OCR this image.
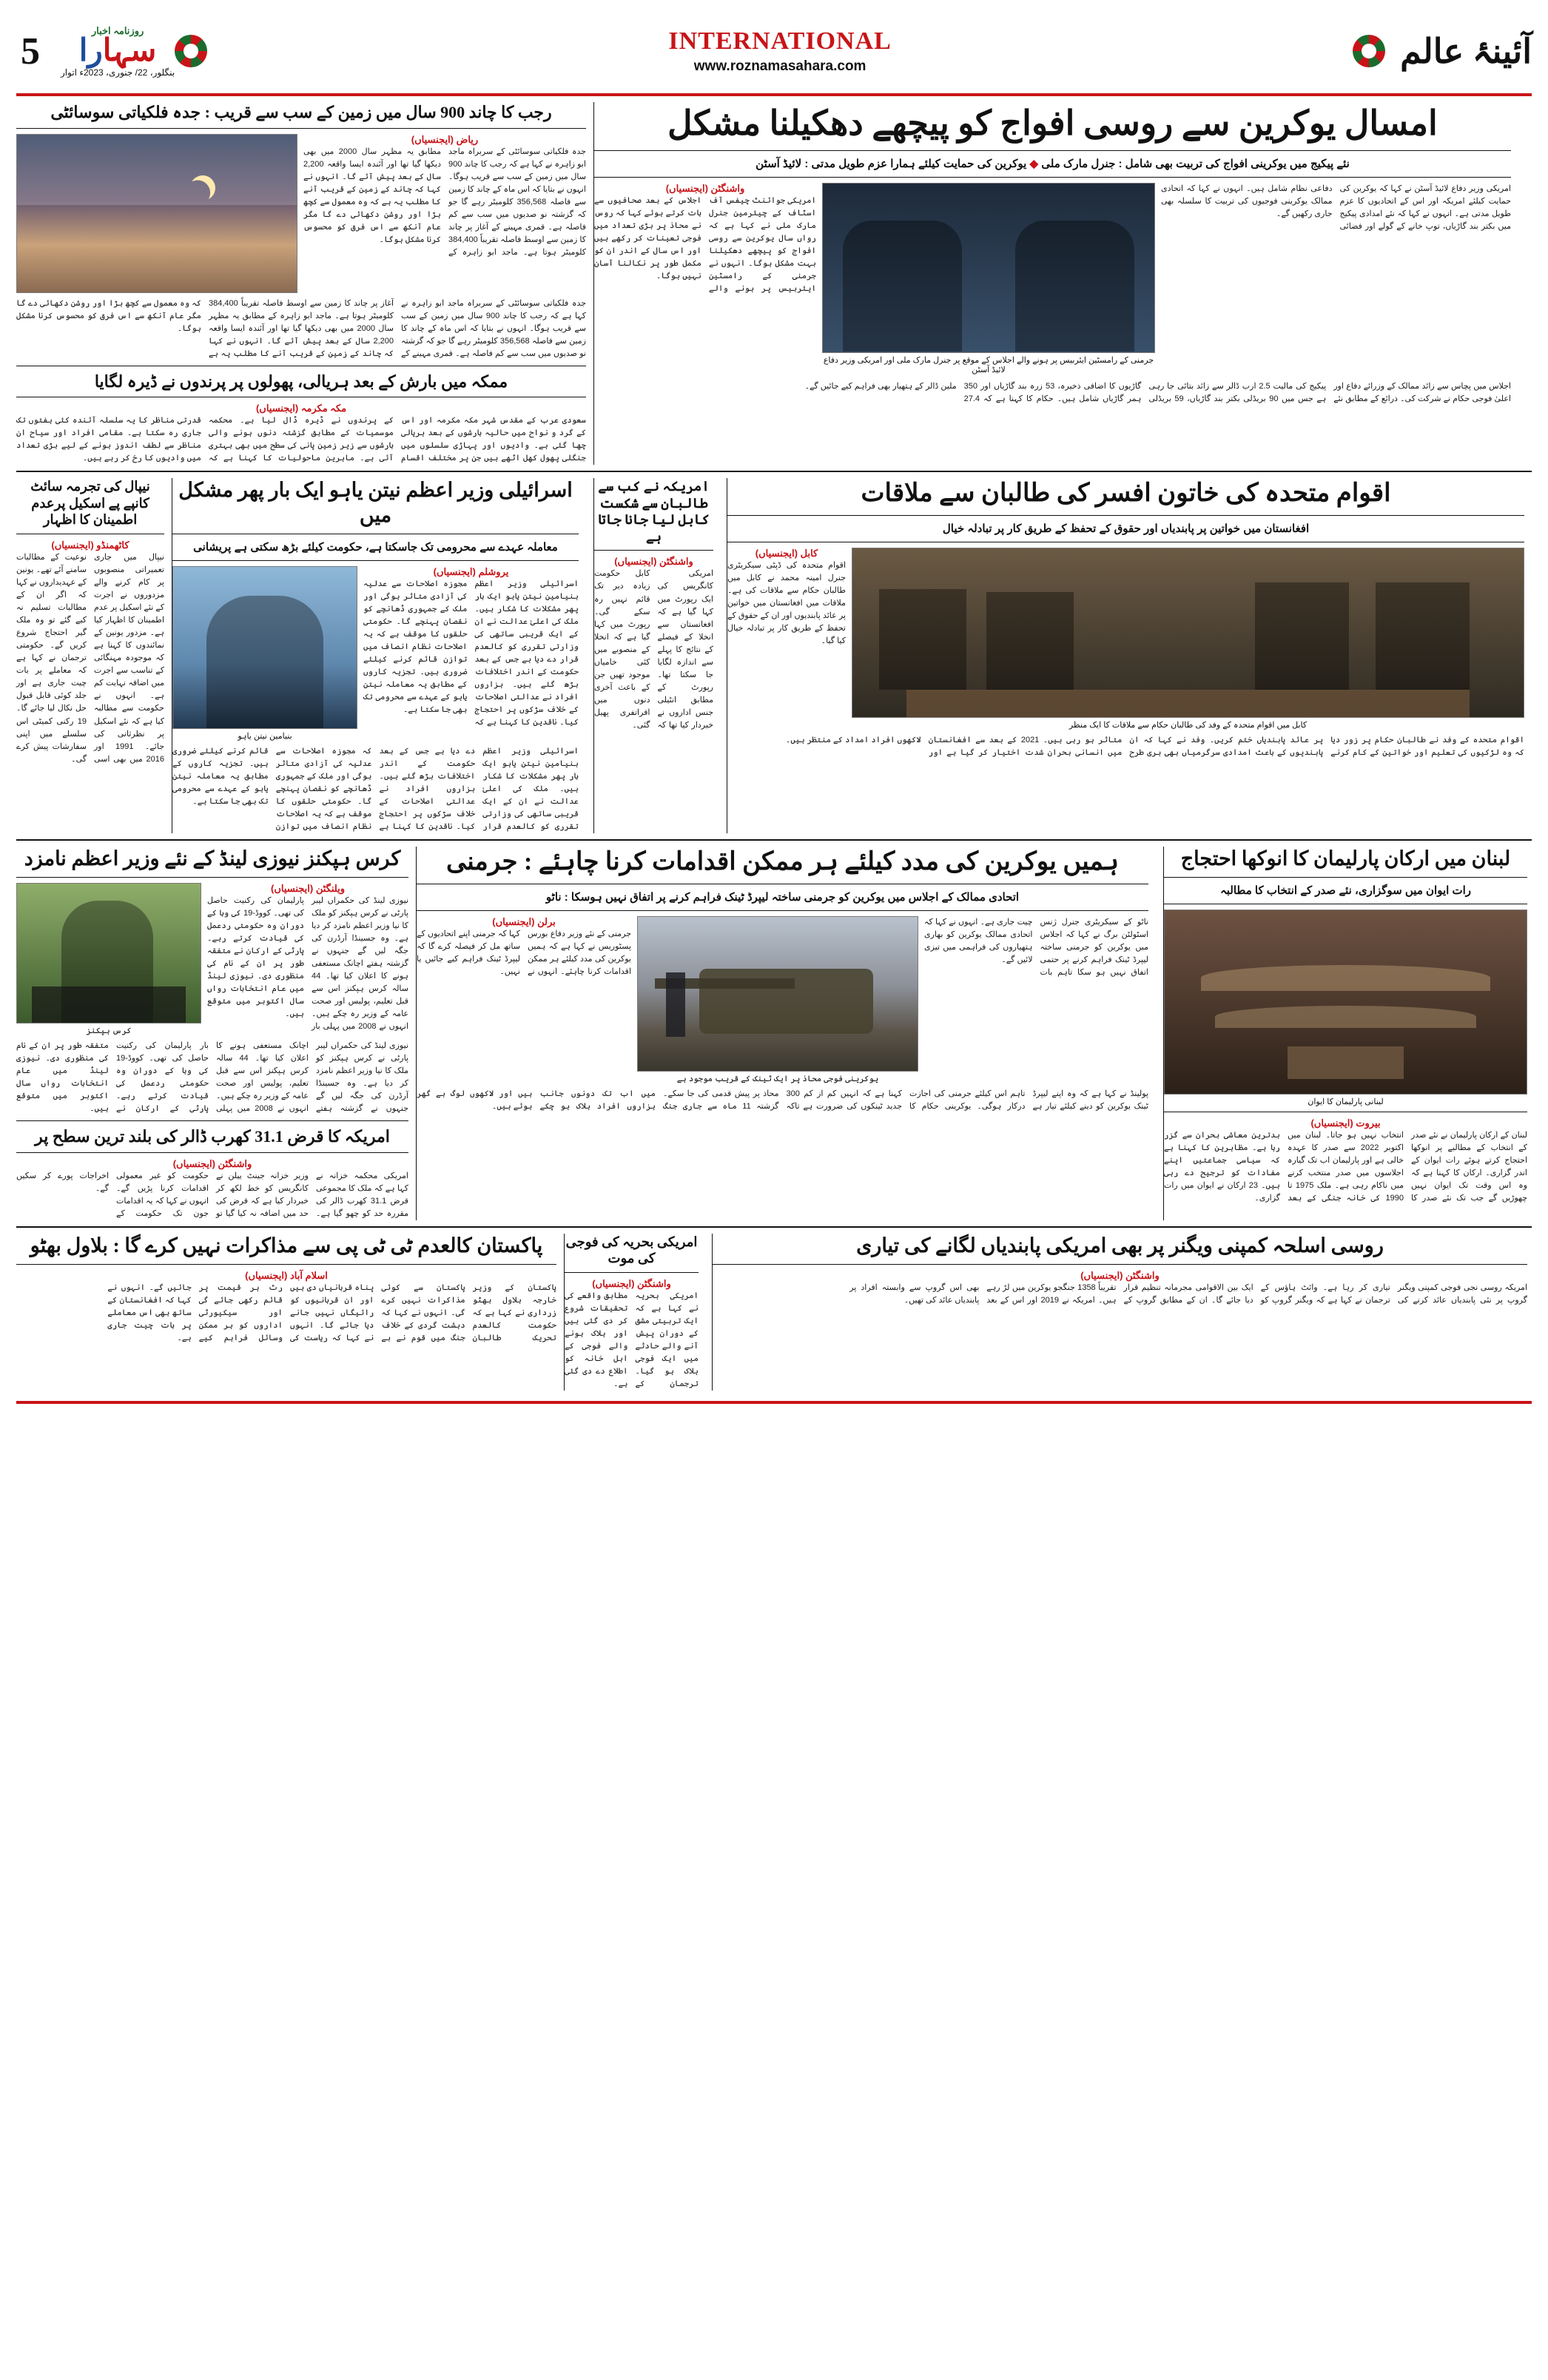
5	روزنامہ اخبار
سہارا
بنگلور، 22/ جنوری، 2023ء اتوار
INTERNATIONAL
www.roznamasahara.com	آئینۂ عالم
رجب کا چاند 900 سال میں زمین کے سب سے قریب : جدہ فلکیاتی سوسائٹی
ریاض (ایجنسیاں)
جدہ فلکیاتی سوسائٹی کے سربراہ ماجد ابو زاہرہ نے کہا ہے کہ رجب کا چاند 900 سال میں زمین کے سب سے قریب ہوگا۔ انہوں نے بتایا کہ اس ماہ کے چاند کا زمین سے فاصلہ 356,568 کلومیٹر رہے گا جو کہ گزشتہ نو صدیوں میں سب سے کم فاصلہ ہے۔ قمری مہینے کے آغاز پر چاند کا زمین سے اوسط فاصلہ تقریباً 384,400 کلومیٹر ہوتا ہے۔ ماجد ابو زاہرہ کے مطابق یہ مظہر سال 2000 میں بھی دیکھا گیا تھا اور آئندہ ایسا واقعہ 2,200 سال کے بعد پیش آئے گا۔ انہوں نے کہا کہ چاند کے زمین کے قریب آنے کا مطلب یہ ہے کہ وہ معمول سے کچھ بڑا اور روشن دکھائی دے گا مگر عام آنکھ سے اس فرق کو محسوس کرنا مشکل ہوگا۔
جدہ فلکیاتی سوسائٹی کے سربراہ ماجد ابو زاہرہ نے کہا ہے کہ رجب کا چاند 900 سال میں زمین کے سب سے قریب ہوگا۔ انہوں نے بتایا کہ اس ماہ کے چاند کا زمین سے فاصلہ 356,568 کلومیٹر رہے گا جو کہ گزشتہ نو صدیوں میں سب سے کم فاصلہ ہے۔ قمری مہینے کے آغاز پر چاند کا زمین سے اوسط فاصلہ تقریباً 384,400 کلومیٹر ہوتا ہے۔ ماجد ابو زاہرہ کے مطابق یہ مظہر سال 2000 میں بھی دیکھا گیا تھا اور آئندہ ایسا واقعہ 2,200 سال کے بعد پیش آئے گا۔ انہوں نے کہا کہ چاند کے زمین کے قریب آنے کا مطلب یہ ہے کہ وہ معمول سے کچھ بڑا اور روشن دکھائی دے گا مگر عام آنکھ سے اس فرق کو محسوس کرنا مشکل ہوگا۔
ممکہ میں بارش کے بعد ہریالی، پھولوں پر پرندوں نے ڈیرہ لگایا
مکہ مکرمہ (ایجنسیاں)
سعودی عرب کے مقدس شہر مکہ مکرمہ اور اس کے گرد و نواح میں حالیہ بارشوں کے بعد ہریالی چھا گئی ہے۔ وادیوں اور پہاڑی سلسلوں میں جنگلی پھول کھل اٹھے ہیں جن پر مختلف اقسام کے پرندوں نے ڈیرہ ڈال لیا ہے۔ محکمہ موسمیات کے مطابق گزشتہ دنوں ہونے والی بارشوں سے زیر زمین پانی کی سطح میں بھی بہتری آئی ہے۔ ماہرین ماحولیات کا کہنا ہے کہ قدرتی مناظر کا یہ سلسلہ آئندہ کئی ہفتوں تک جاری رہ سکتا ہے۔ مقامی افراد اور سیاح ان مناظر سے لطف اندوز ہونے کے لیے بڑی تعداد میں وادیوں کا رخ کر رہے ہیں۔
امسال یوکرین سے روسی افواج کو پیچھے دھکیلنا مشکل
نئے پیکیج میں یوکرینی افواج کی تربیت بھی شامل : جنرل مارک ملی ◆ یوکرین کی حمایت کیلئے ہمارا عزم طویل مدتی : لائیڈ آسٹن
واشنگٹن (ایجنسیاں)
امریکی جوائنٹ چیفس آف اسٹاف کے چیئرمین جنرل مارک ملی نے کہا ہے کہ رواں سال یوکرین سے روسی افواج کو پیچھے دھکیلنا بہت مشکل ہوگا۔ انہوں نے جرمنی کے رامسٹین ایئربیس پر ہونے والے اجلاس کے بعد صحافیوں سے بات کرتے ہوئے کہا کہ روس نے محاذ پر بڑی تعداد میں فوجی تعینات کر رکھے ہیں اور اس سال کے اندر ان کو مکمل طور پر نکالنا آسان نہیں ہوگا۔
جرمنی کے رامسٹین ایئربیس پر ہونے والے اجلاس کے موقع پر جنرل مارک ملی اور امریکی وزیر دفاع لائیڈ آسٹن
امریکی وزیر دفاع لائیڈ آسٹن نے کہا کہ یوکرین کی حمایت کیلئے امریکہ اور اس کے اتحادیوں کا عزم طویل مدتی ہے۔ انہوں نے کہا کہ نئے امدادی پیکیج میں بکتر بند گاڑیاں، توپ خانے کے گولے اور فضائی دفاعی نظام شامل ہیں۔ انہوں نے کہا کہ اتحادی ممالک یوکرینی فوجیوں کی تربیت کا سلسلہ بھی جاری رکھیں گے۔
اجلاس میں پچاس سے زائد ممالک کے وزرائے دفاع اور اعلیٰ فوجی حکام نے شرکت کی۔ ذرائع کے مطابق نئے پیکیج کی مالیت 2.5 ارب ڈالر سے زائد بتائی جا رہی ہے جس میں 90 بریڈلی بکتر بند گاڑیاں، 59 بریڈلی گاڑیوں کا اضافی ذخیرہ، 53 زرہ بند گاڑیاں اور 350 ہمر گاڑیاں شامل ہیں۔ حکام کا کہنا ہے کہ 27.4 ملین ڈالر کے ہتھیار بھی فراہم کیے جائیں گے۔
نیپال کی تجرمہ سائٹ کانپے پے اسکیل پرعدم اطمینان کا اظہار
کاٹھمنڈو (ایجنسیاں)
نیپال میں جاری تعمیراتی منصوبوں پر کام کرنے والے مزدوروں نے اجرت کے نئے اسکیل پر عدم اطمینان کا اظہار کیا ہے۔ مزدور یونین کے نمائندوں کا کہنا ہے کہ موجودہ مہنگائی کے تناسب سے اجرت میں اضافہ نہایت کم ہے۔ انہوں نے حکومت سے مطالبہ کیا ہے کہ نئے اسکیل پر نظرثانی کی جائے۔ 1991 اور 2016 میں بھی اسی نوعیت کے مطالبات سامنے آئے تھے۔ یونین کے عہدیداروں نے کہا کہ اگر ان کے مطالبات تسلیم نہ کیے گئے تو وہ ملک گیر احتجاج شروع کریں گے۔ حکومتی ترجمان نے کہا ہے کہ معاملے پر بات چیت جاری ہے اور جلد کوئی قابل قبول حل نکال لیا جائے گا۔ 19 رکنی کمیٹی اس سلسلے میں اپنی سفارشات پیش کرے گی۔
اسرائیلی وزیر اعظم نیتن یاہو ایک بار پھر مشکل میں
معاملہ عہدے سے محرومی تک جاسکتا ہے، حکومت کیلئے بڑھ سکتی ہے پریشانی
بنیامین نیتن یاہو
یروشلم (ایجنسیاں)
اسرائیلی وزیر اعظم بنیامین نیتن یاہو ایک بار پھر مشکلات کا شکار ہیں۔ ملک کی اعلیٰ عدالت نے ان کے ایک قریبی ساتھی کی وزارتی تقرری کو کالعدم قرار دے دیا ہے جس کے بعد حکومت کے اندر اختلافات بڑھ گئے ہیں۔ ہزاروں افراد نے عدالتی اصلاحات کے خلاف سڑکوں پر احتجاج کیا۔ ناقدین کا کہنا ہے کہ مجوزہ اصلاحات سے عدلیہ کی آزادی متاثر ہوگی اور ملک کے جمہوری ڈھانچے کو نقصان پہنچے گا۔ حکومتی حلقوں کا موقف ہے کہ یہ اصلاحات نظام انصاف میں توازن قائم کرنے کیلئے ضروری ہیں۔ تجزیہ کاروں کے مطابق یہ معاملہ نیتن یاہو کے عہدے سے محرومی تک بھی جا سکتا ہے۔
اسرائیلی وزیر اعظم بنیامین نیتن یاہو ایک بار پھر مشکلات کا شکار ہیں۔ ملک کی اعلیٰ عدالت نے ان کے ایک قریبی ساتھی کی وزارتی تقرری کو کالعدم قرار دے دیا ہے جس کے بعد حکومت کے اندر اختلافات بڑھ گئے ہیں۔ ہزاروں افراد نے عدالتی اصلاحات کے خلاف سڑکوں پر احتجاج کیا۔ ناقدین کا کہنا ہے کہ مجوزہ اصلاحات سے عدلیہ کی آزادی متاثر ہوگی اور ملک کے جمہوری ڈھانچے کو نقصان پہنچے گا۔ حکومتی حلقوں کا موقف ہے کہ یہ اصلاحات نظام انصاف میں توازن قائم کرنے کیلئے ضروری ہیں۔ تجزیہ کاروں کے مطابق یہ معاملہ نیتن یاہو کے عہدے سے محرومی تک بھی جا سکتا ہے۔
امریکہ نے کب سے طالبان سے شکست کابل لیا جانا جاتا ہے
واشنگٹن (ایجنسیاں)
امریکی کانگریس کی ایک رپورٹ میں کہا گیا ہے کہ افغانستان سے انخلا کے فیصلے کے نتائج کا پہلے سے اندازہ لگایا جا سکتا تھا۔ رپورٹ کے مطابق انٹیلی جنس اداروں نے خبردار کیا تھا کہ کابل حکومت زیادہ دیر تک قائم نہیں رہ سکے گی۔ رپورٹ میں کہا گیا ہے کہ انخلا کے منصوبے میں کئی خامیاں موجود تھیں جن کے باعث آخری دنوں میں افراتفری پھیل گئی۔
اقوام متحدہ کی خاتون افسر کی طالبان سے ملاقات
افغانستان میں خواتین پر پابندیاں اور حقوق کے تحفظ کے طریق کار پر تبادلہ خیال
کابل (ایجنسیاں)
اقوام متحدہ کی ڈپٹی سیکریٹری جنرل امینہ محمد نے کابل میں طالبان حکام سے ملاقات کی ہے۔ ملاقات میں افغانستان میں خواتین پر عائد پابندیوں اور ان کے حقوق کے تحفظ کے طریق کار پر تبادلہ خیال کیا گیا۔
کابل میں اقوام متحدہ کے وفد کی طالبان حکام سے ملاقات کا ایک منظر
اقوام متحدہ کے وفد نے طالبان حکام پر زور دیا کہ وہ لڑکیوں کی تعلیم اور خواتین کے کام کرنے پر عائد پابندیاں ختم کریں۔ وفد نے کہا کہ ان پابندیوں کے باعث امدادی سرگرمیاں بھی بری طرح متاثر ہو رہی ہیں۔ 2021 کے بعد سے افغانستان میں انسانی بحران شدت اختیار کر گیا ہے اور لاکھوں افراد امداد کے منتظر ہیں۔
کرس ہپکنز نیوزی لینڈ کے نئے وزیر اعظم نامزد
کرس ہپکنز
ویلنگٹن (ایجنسیاں)
نیوزی لینڈ کی حکمراں لیبر پارٹی نے کرس ہپکنز کو ملک کا نیا وزیر اعظم نامزد کر دیا ہے۔ وہ جسینڈا آرڈرن کی جگہ لیں گے جنہوں نے گزشتہ ہفتے اچانک مستعفی ہونے کا اعلان کیا تھا۔ 44 سالہ کرس ہپکنز اس سے قبل تعلیم، پولیس اور صحت عامہ کے وزیر رہ چکے ہیں۔ انہوں نے 2008 میں پہلی بار پارلیمان کی رکنیت حاصل کی تھی۔ کووڈ-19 کی وبا کے دوران وہ حکومتی ردعمل کی قیادت کرتے رہے۔ پارٹی کے ارکان نے متفقہ طور پر ان کے نام کی منظوری دی۔ نیوزی لینڈ میں عام انتخابات رواں سال اکتوبر میں متوقع ہیں۔
نیوزی لینڈ کی حکمراں لیبر پارٹی نے کرس ہپکنز کو ملک کا نیا وزیر اعظم نامزد کر دیا ہے۔ وہ جسینڈا آرڈرن کی جگہ لیں گے جنہوں نے گزشتہ ہفتے اچانک مستعفی ہونے کا اعلان کیا تھا۔ 44 سالہ کرس ہپکنز اس سے قبل تعلیم، پولیس اور صحت عامہ کے وزیر رہ چکے ہیں۔ انہوں نے 2008 میں پہلی بار پارلیمان کی رکنیت حاصل کی تھی۔ کووڈ-19 کی وبا کے دوران وہ حکومتی ردعمل کی قیادت کرتے رہے۔ پارٹی کے ارکان نے متفقہ طور پر ان کے نام کی منظوری دی۔ نیوزی لینڈ میں عام انتخابات رواں سال اکتوبر میں متوقع ہیں۔
امریکہ کا قرض 31.1 کھرب ڈالر کی بلند ترین سطح پر
واشنگٹن (ایجنسیاں)
امریکی محکمہ خزانہ نے کہا ہے کہ ملک کا مجموعی قرض 31.1 کھرب ڈالر کی مقررہ حد کو چھو گیا ہے۔ وزیر خزانہ جینٹ ییلن نے کانگریس کو خط لکھ کر خبردار کیا ہے کہ قرض کی حد میں اضافہ نہ کیا گیا تو حکومت کو غیر معمولی اقدامات کرنا پڑیں گے۔ انہوں نے کہا کہ یہ اقدامات جون تک حکومت کے اخراجات پورے کر سکیں گے۔
ہمیں یوکرین کی مدد کیلئے ہر ممکن اقدامات کرنا چاہئے : جرمنی
اتحادی ممالک کے اجلاس میں یوکرین کو جرمنی ساختہ لیپرڈ ٹینک فراہم کرنے پر اتفاق نہیں ہوسکا : ناٹو
برلن (ایجنسیاں)
جرمنی کے نئے وزیر دفاع بورس پسٹوریس نے کہا ہے کہ ہمیں یوکرین کی مدد کیلئے ہر ممکن اقدامات کرنا چاہئے۔ انہوں نے کہا کہ جرمنی اپنے اتحادیوں کے ساتھ مل کر فیصلہ کرے گا کہ لیپرڈ ٹینک فراہم کیے جائیں یا نہیں۔
یوکرینی فوجی محاذ پر ایک ٹینک کے قریب موجود ہے
ناٹو کے سیکریٹری جنرل ژنس اسٹولٹن برگ نے کہا کہ اجلاس میں یوکرین کو جرمنی ساختہ لیپرڈ ٹینک فراہم کرنے پر حتمی اتفاق نہیں ہو سکا تاہم بات چیت جاری ہے۔ انہوں نے کہا کہ اتحادی ممالک یوکرین کو بھاری ہتھیاروں کی فراہمی میں تیزی لائیں گے۔
پولینڈ نے کہا ہے کہ وہ اپنے لیپرڈ ٹینک یوکرین کو دینے کیلئے تیار ہے تاہم اس کیلئے جرمنی کی اجازت درکار ہوگی۔ یوکرینی حکام کا کہنا ہے کہ انہیں کم از کم 300 جدید ٹینکوں کی ضرورت ہے تاکہ محاذ پر پیش قدمی کی جا سکے۔ گزشتہ 11 ماہ سے جاری جنگ میں اب تک دونوں جانب ہزاروں افراد ہلاک ہو چکے ہیں اور لاکھوں لوگ بے گھر ہوئے ہیں۔
لبنان میں ارکان پارلیمان کا انوکھا احتجاج
رات ایوان میں سوگزاری، نئے صدر کے انتخاب کا مطالبہ
لبنانی پارلیمان کا ایوان
بیروت (ایجنسیاں)
لبنان کے ارکان پارلیمان نے نئے صدر کے انتخاب کے مطالبے پر انوکھا احتجاج کرتے ہوئے رات ایوان کے اندر گزاری۔ ارکان کا کہنا ہے کہ وہ اس وقت تک ایوان نہیں چھوڑیں گے جب تک نئے صدر کا انتخاب نہیں ہو جاتا۔ لبنان میں اکتوبر 2022 سے صدر کا عہدہ خالی ہے اور پارلیمان اب تک گیارہ اجلاسوں میں صدر منتخب کرنے میں ناکام رہی ہے۔ ملک 1975 تا 1990 کی خانہ جنگی کے بعد بدترین معاشی بحران سے گزر رہا ہے۔ مظاہرین کا کہنا ہے کہ سیاسی جماعتیں اپنے مفادات کو ترجیح دے رہی ہیں۔ 23 ارکان نے ایوان میں رات گزاری۔
پاکستان کالعدم ٹی ٹی پی سے مذاکرات نہیں کرے گا : بلاول بھٹو
اسلام آباد (ایجنسیاں)
پاکستان کے وزیر خارجہ بلاول بھٹو زرداری نے کہا ہے کہ حکومت کالعدم تحریک طالبان پاکستان سے کوئی مذاکرات نہیں کرے گی۔ انہوں نے کہا کہ دہشت گردی کے خلاف جنگ میں قوم نے بے پناہ قربانیاں دی ہیں اور ان قربانیوں کو رائیگاں نہیں جانے دیا جائے گا۔ انہوں نے کہا کہ ریاست کی رٹ ہر قیمت پر قائم رکھی جائے گی اور سیکیورٹی اداروں کو ہر ممکن وسائل فراہم کیے جائیں گے۔ انہوں نے کہا کہ افغانستان کے ساتھ بھی اس معاملے پر بات چیت جاری ہے۔
امریکی بحریہ کی فوجی کی موت
واشنگٹن (ایجنسیاں)
امریکی بحریہ نے کہا ہے کہ ایک تربیتی مشق کے دوران پیش آنے والے حادثے میں ایک فوجی ہلاک ہو گیا۔ ترجمان کے مطابق واقعے کی تحقیقات شروع کر دی گئی ہیں اور ہلاک ہونے والے فوجی کے اہل خانہ کو اطلاع دے دی گئی ہے۔
روسی اسلحہ کمپنی ویگنر پر بھی امریکی پابندیاں لگانے کی تیاری
واشنگٹن (ایجنسیاں)
امریکہ روسی نجی فوجی کمپنی ویگنر گروپ پر نئی پابندیاں عائد کرنے کی تیاری کر رہا ہے۔ وائٹ ہاؤس کے ترجمان نے کہا ہے کہ ویگنر گروپ کو ایک بین الاقوامی مجرمانہ تنظیم قرار دیا جائے گا۔ ان کے مطابق گروپ کے تقریباً 1358 جنگجو یوکرین میں لڑ رہے ہیں۔ امریکہ نے 2019 اور اس کے بعد بھی اس گروپ سے وابستہ افراد پر پابندیاں عائد کی تھیں۔
